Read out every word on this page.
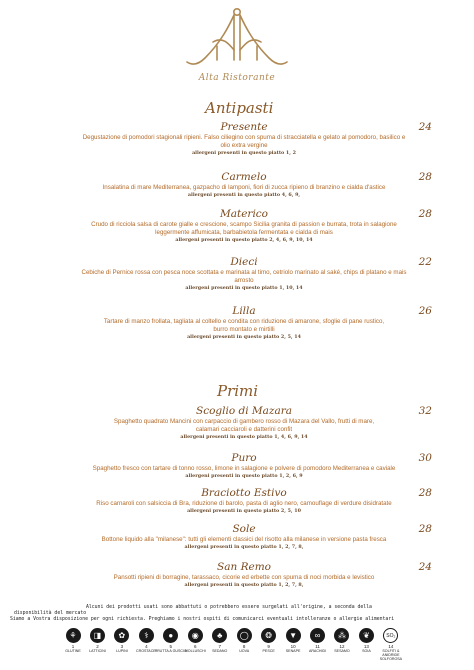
Alta Ristorante
Antipasti
Presente	24
Degustazione di pomodori stagionali ripieni. Falso ciliegino con spuma di stracciatella e gelato al pomodoro, basilico e
olio extra vergine
allergeni presenti in questo piatto 1, 2
Carmelo	28
Insalatina di mare Mediterranea, gazpacho di lamponi, fiori di zucca ripieno di branzino e cialda d'astice
allergeni presenti in questo piatto 4, 6, 9,
Materico	28
Crudo di ricciola salsa di carote gialle e crescione, scampo Sicilia granita di passion e burrata, trota in salagione
leggermente affumicata, barbabietola fermentata e cialda di mais
allergeni presenti in questo piatto 2, 4, 6, 9, 10, 14
Dieci	22
Cebiche di Pernice rossa con pesca noce scottata e marinata al timo, cetriolo marinato al saké, chips di platano e mais
arrosto
allergeni presenti in questo piatto 1, 10, 14
Lilla	26
Tartare di manzo frollata, tagliata al coltello e condita con riduzione di amarone, sfoglie di pane rustico,
burro montato e mirtilli
allergeni presenti in questo piatto 2, 5, 14
Primi
Scoglio di Mazara	32
Spaghetto quadrato Mancini con carpaccio di gambero rosso di Mazara del Vallo, frutti di mare,
calamari cacciaroli e datterini confit
allergeni presenti in questo piatto 1, 4, 6, 9, 14
Puro	30
Spaghetto fresco con tartare di tonno rosso, limone in salagione e polvere di pomodoro Mediterranea e caviale
allergeni presenti in questo piatto 1, 2, 6, 9
Braciotto Estivo	28
Riso carnaroli con salsiccia di Bra, riduzione di barolo, pasta di aglio nero, camouflage di verdure disidratate
allergeni presenti in questo piatto 2, 5, 10
Sole	28
Bottone liquido alla "milanese": tutti gli elementi classici del risotto alla milanese in versione pasta fresca
allergeni presenti in questo piatto 1, 2, 7, 8,
San Remo	24
Pansotti ripieni di borragine, tarassaco, cicorie ed erbette con spuma di noci morbida e levistico
allergeni presenti in questo piatto 1, 2, 7, 8,
Alcuni dei prodotti usati sono abbattuti o potrebbero essere surgelati all'origine, a seconda della
disponibilità del mercato
Siamo a Vostra disposizione per ogni richiesta. Preghiamo i nostri ospiti di comunicarci eventuali intolleranze o allergie alimentari
⚘
1
GLUTINE
◨
2
LATTICINI
✿
3
LUPINI
⚕
4
CROSTACEI
●
5
FRUTTA A GUSCIO
◉
6
MOLLUSCHI
♣
7
SEDANO
◯
8
UOVA
❂
9
PESCE
▼
10
SENAPE
∞
11
ARACHIDI
⁂
12
SESAMO
❦
13
SOIA
SO₂
14
SOLFITI & ANIDRIDE SOLFOROSA
